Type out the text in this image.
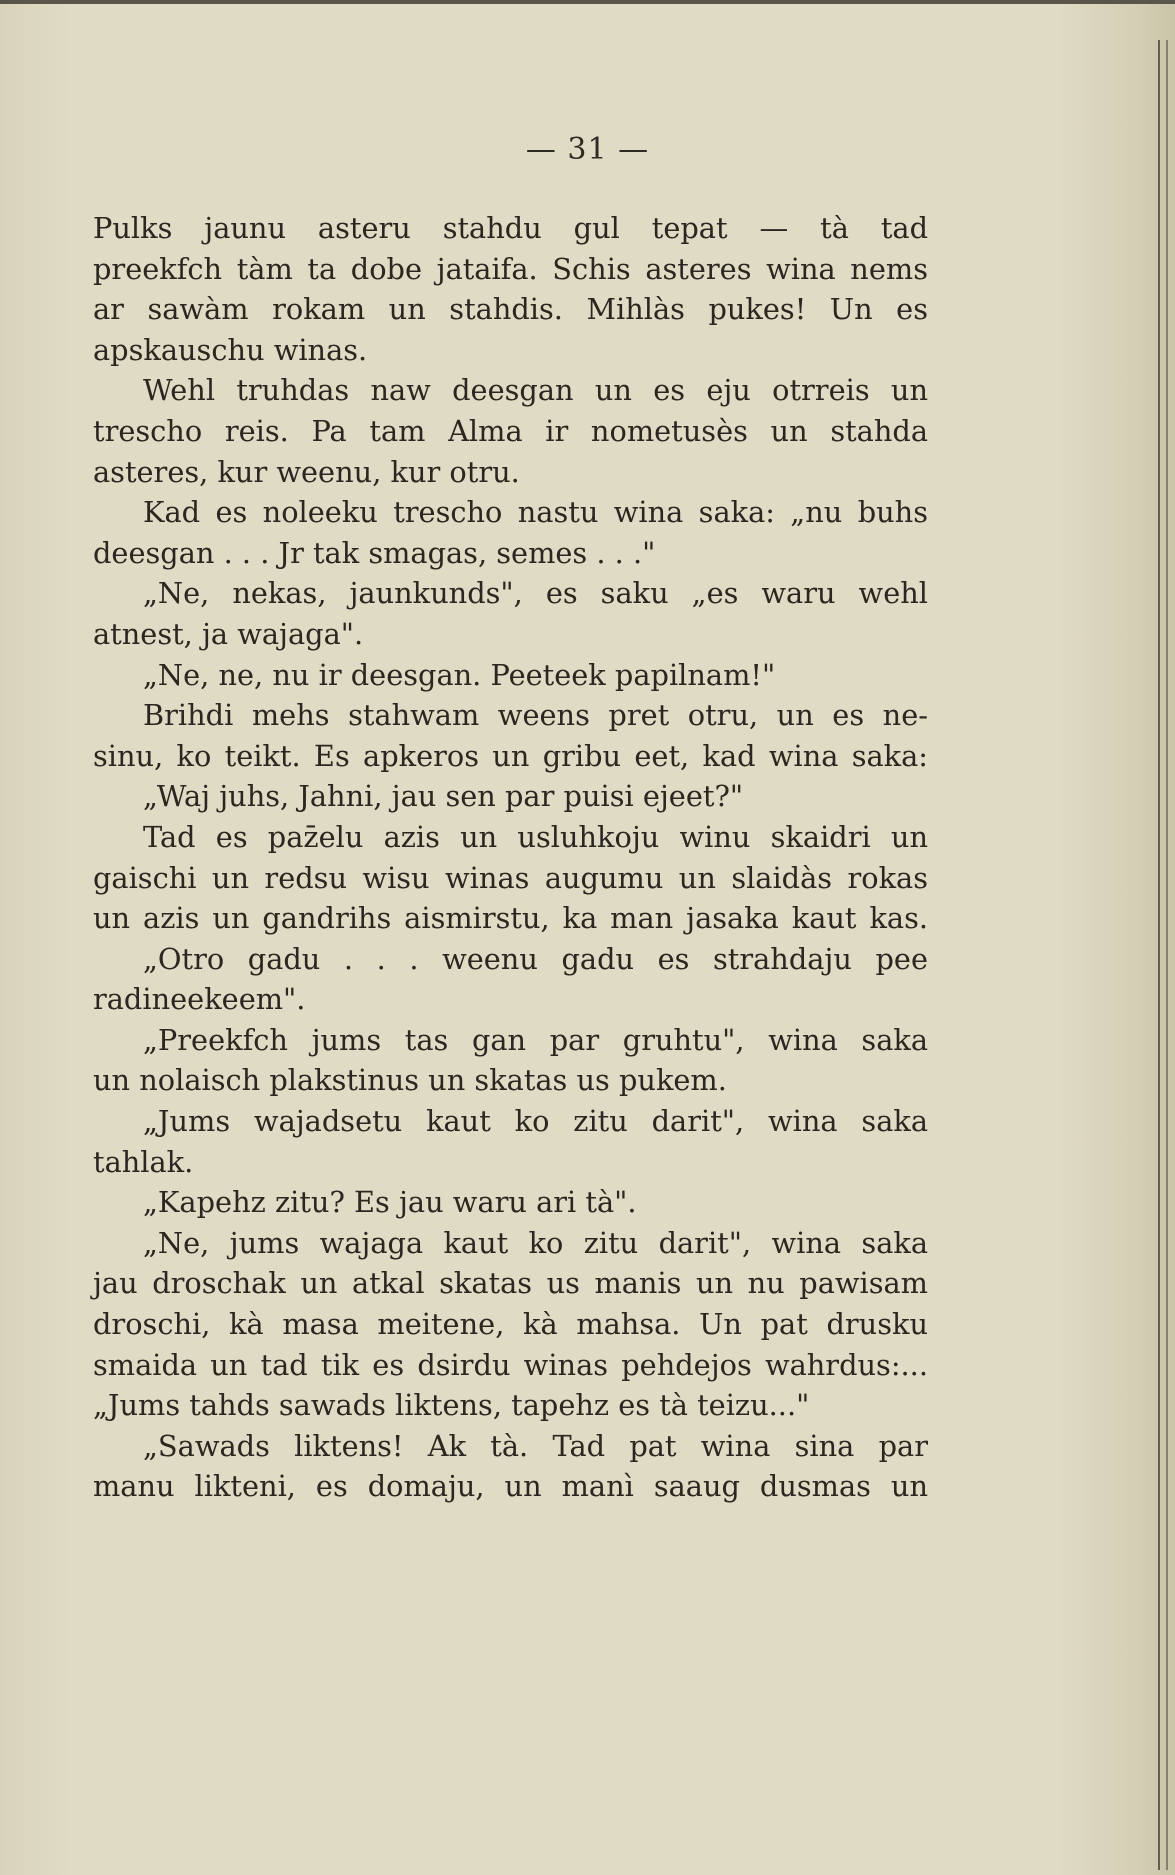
— 31 —
Pulks jaunu asteru stahdu gul tepat — tà tad
preekfch tàm ta dobe jataifa. Schis asteres wina nems
ar sawàm rokam un stahdis. Mihlàs pukes! Un es
apskauschu winas.
Wehl truhdas naw deesgan un es eju otrreis un
trescho reis. Pa tam Alma ir nometusès un stahda
asteres, kur weenu, kur otru.
Kad es noleeku trescho nastu wina saka: „nu buhs
deesgan . . . Jr tak smagas, semes . . ."
„Ne, nekas, jaunkunds", es saku „es waru wehl
atnest, ja wajaga".
„Ne, ne, nu ir deesgan. Peeteek papilnam!"
Brihdi mehs stahwam weens pret otru, un es ne-
sinu, ko teikt. Es apkeros un gribu eet, kad wina saka:
„Waj juhs, Jahni, jau sen par puisi ejeet?"
Tad es paz̄elu azis un usluhkoju winu skaidri un
gaischi un redsu wisu winas augumu un slaidàs rokas
un azis un gandrihs aismirstu, ka man jasaka kaut kas.
„Otro gadu . . . weenu gadu es strahdaju pee
radineekeem".
„Preekfch jums tas gan par gruhtu", wina saka
un nolaisch plakstinus un skatas us pukem.
„Jums wajadsetu kaut ko zitu darit", wina saka
tahlak.
„Kapehz zitu? Es jau waru ari tà".
„Ne, jums wajaga kaut ko zitu darit", wina saka
jau droschak un atkal skatas us manis un nu pawisam
droschi, kà masa meitene, kà mahsa. Un pat drusku
smaida un tad tik es dsirdu winas pehdejos wahrdus:...
„Jums tahds sawads liktens, tapehz es tà teizu..."
„Sawads liktens! Ak tà. Tad pat wina sina par
manu likteni, es domaju, un manì saaug dusmas un
